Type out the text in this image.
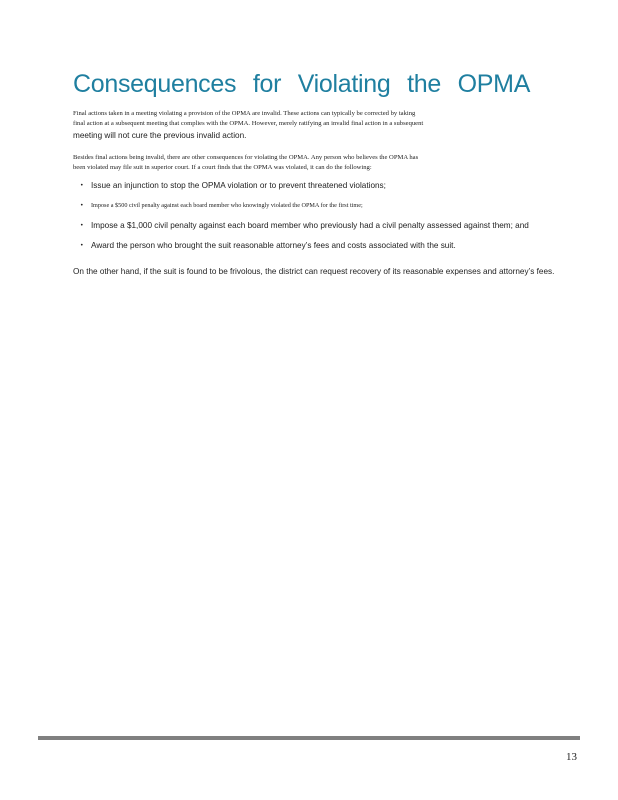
Consequences for Violating the OPMA

Final actions taken in a meeting violating a provision of the OPMA are invalid. These actions can typically be corrected by taking

final action at a subsequent meeting that complies with the OPMA. However, merely ratifying an invalid final action in a subsequent

meeting will not cure the previous invalid action.

Besides final actions being invalid, there are other consequences for violating the OPMA. Any person who believes the OPMA has

been violated may file suit in superior court. If a court finds that the OPMA was violated, it can do the following:

• Issue an injunction to stop the OPMA violation or to prevent threatened violations;
• Impose a $500 civil penalty against each board member who knowingly violated the OPMA for the first time;
• Impose a $1,000 civil penalty against each board member who previously had a civil penalty assessed against them; and
• Award the person who brought the suit reasonable attorney’s fees and costs associated with the suit.

On the other hand, if the suit is found to be frivolous, the district can request recovery of its reasonable expenses and attorney’s fees.

13
